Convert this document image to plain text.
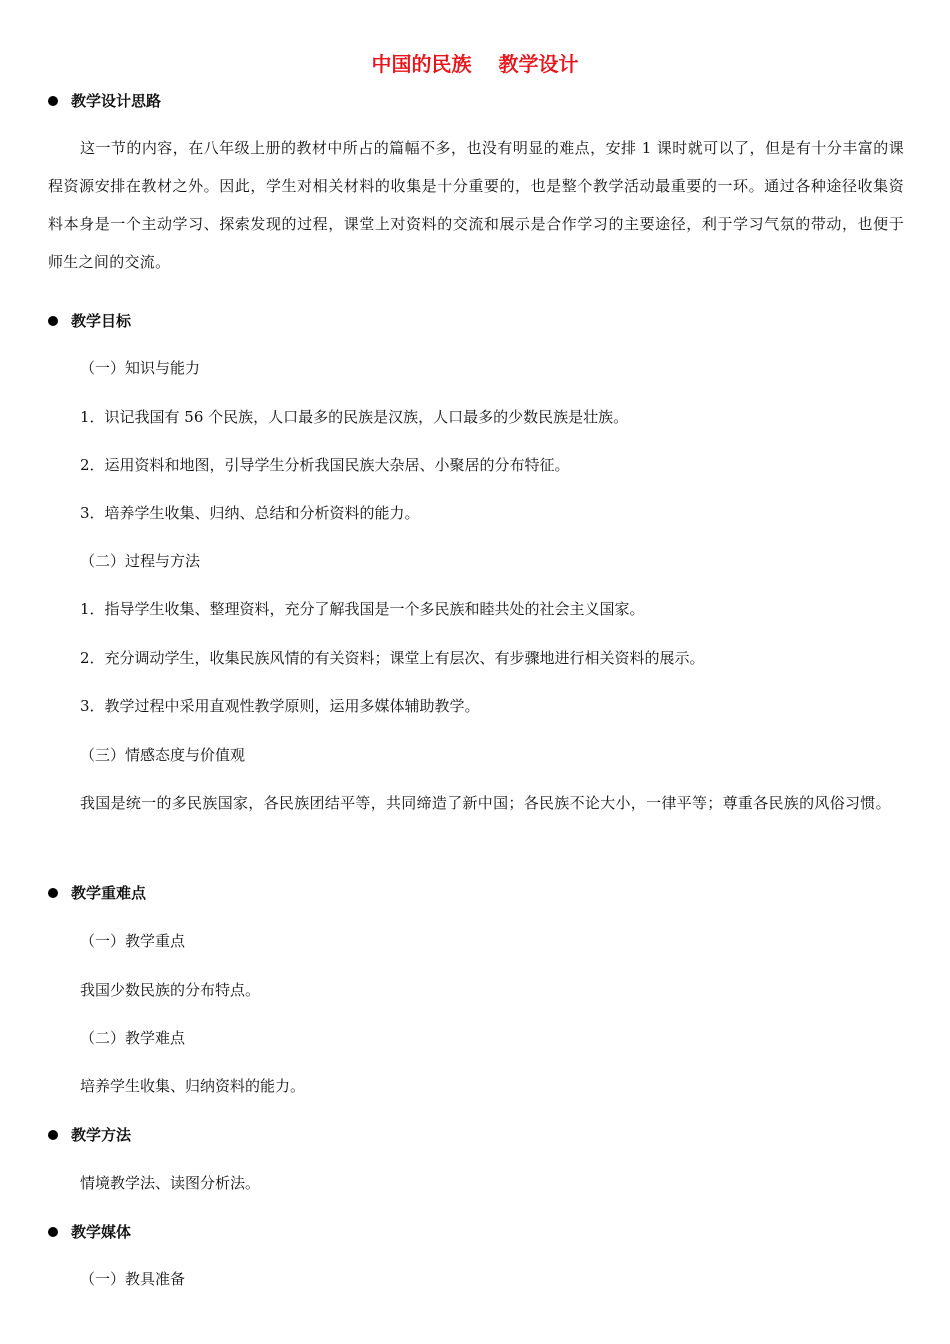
中国的民族　 教学设计
教学设计思路
这一节的内容，在八年级上册的教材中所占的篇幅不多，也没有明显的难点，安排 1 课时就可以了，但是有十分丰富的课程资源安排在教材之外。因此，学生对相关材料的收集是十分重要的，也是整个教学活动最重要的一环。通过各种途径收集资料本身是一个主动学习、探索发现的过程，课堂上对资料的交流和展示是合作学习的主要途径，利于学习气氛的带动，也便于师生之间的交流。
教学目标
（一）知识与能力
1．识记我国有 56 个民族，人口最多的民族是汉族，人口最多的少数民族是壮族。
2．运用资料和地图，引导学生分析我国民族大杂居、小聚居的分布特征。
3．培养学生收集、归纳、总结和分析资料的能力。
（二）过程与方法
1．指导学生收集、整理资料，充分了解我国是一个多民族和睦共处的社会主义国家。
2．充分调动学生，收集民族风情的有关资料；课堂上有层次、有步骤地进行相关资料的展示。
3．教学过程中采用直观性教学原则，运用多媒体辅助教学。
（三）情感态度与价值观
我国是统一的多民族国家，各民族团结平等，共同缔造了新中国；各民族不论大小，一律平等；尊重各民族的风俗习惯。
教学重难点
（一）教学重点
我国少数民族的分布特点。
（二）教学难点
培养学生收集、归纳资料的能力。
教学方法
情境教学法、读图分析法。
教学媒体
（一）教具准备
